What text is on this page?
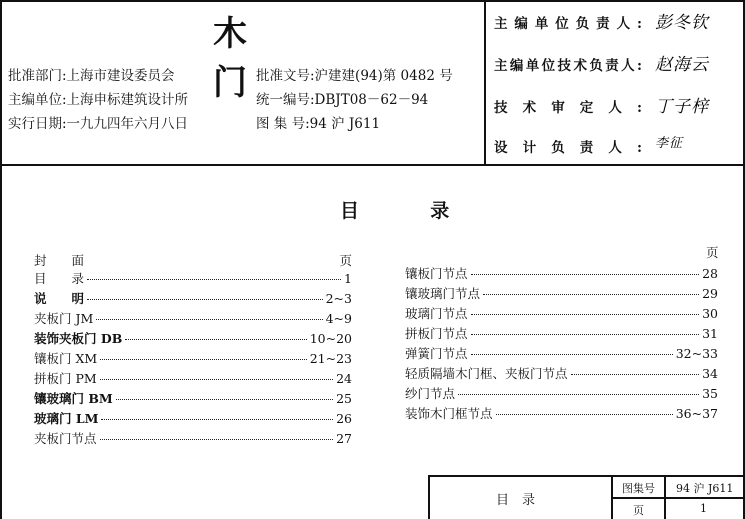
木 门
批准部门:上海市建设委员会	批准文号:沪建建(94)第 0482 号
主编单位:上海申标建筑设计所	统一编号:DBJT08－62－94
实行日期:一九九四年六月八日	图 集 号:94 沪 J611
主编单位负责人: 彭冬钦
主编单位技术负责人: 赵海云
技术审定人: 丁子梓
设计负责人: 李征
目	录
封　　面	页
目　　录	1
说　　明	2~3
夹板门 JM	4~9
装饰夹板门 DB	10~20
镶板门 XM	21~23
拼板门 PM	24
镶玻璃门 BM	25
玻璃门 LM	26
夹板门节点	27
页
镶板门节点	28
镶玻璃门节点	29
玻璃门节点	30
拼板门节点	31
弹簧门节点	32~33
轻质隔墙木门框、夹板门节点	34
纱门节点	35
装饰木门框节点	36~37
目　录
图集号 94 沪 J611
页	1
